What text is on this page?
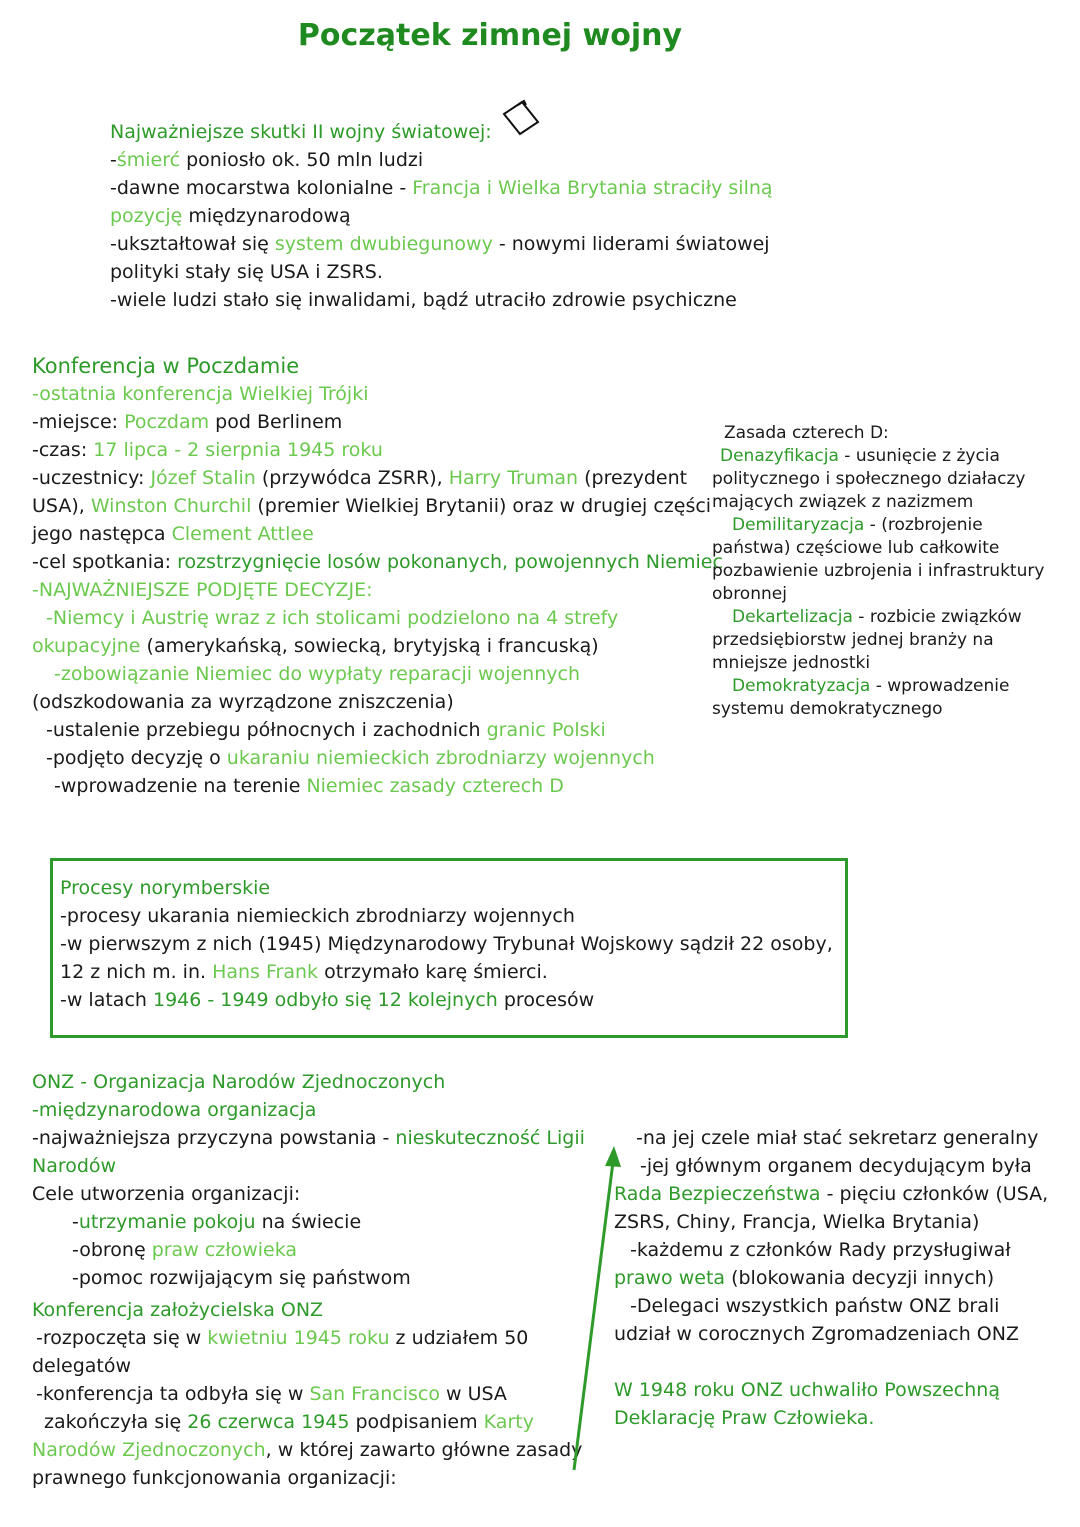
Początek zimnej wojny
Najważniejsze skutki II wojny światowej:
-śmierć poniosło ok. 50 mln ludzi
-dawne mocarstwa kolonialne - Francja i Wielka Brytania straciły silną
pozycję międzynarodową
-ukształtował się system dwubiegunowy - nowymi liderami światowej
polityki stały się USA i ZSRS.
-wiele ludzi stało się inwalidami, bądź utraciło zdrowie psychiczne
Konferencja w Poczdamie
-ostatnia konferencja Wielkiej Trójki
-miejsce: Poczdam pod Berlinem
-czas: 17 lipca - 2 sierpnia 1945 roku
-uczestnicy: Józef Stalin (przywódca ZSRR), Harry Truman (prezydent
USA), Winston Churchil (premier Wielkiej Brytanii) oraz w drugiej części
jego następca Clement Attlee
-cel spotkania: rozstrzygnięcie losów pokonanych, powojennych Niemiec
-NAJWAŻNIEJSZE PODJĘTE DECYZJE:
-Niemcy i Austrię wraz z ich stolicami podzielono na 4 strefy
okupacyjne (amerykańską, sowiecką, brytyjską i francuską)
-zobowiązanie Niemiec do wypłaty reparacji wojennych
(odszkodowania za wyrządzone zniszczenia)
-ustalenie przebiegu północnych i zachodnich granic Polski
-podjęto decyzję o ukaraniu niemieckich zbrodniarzy wojennych
-wprowadzenie na terenie Niemiec zasady czterech D
Zasada czterech D:
Denazyfikacja - usunięcie z życia
politycznego i społecznego działaczy
mających związek z nazizmem
Demilitaryzacja - (rozbrojenie
państwa) częściowe lub całkowite
pozbawienie uzbrojenia i infrastruktury
obronnej
Dekartelizacja - rozbicie związków
przedsiębiorstw jednej branży na
mniejsze jednostki
Demokratyzacja - wprowadzenie
systemu demokratycznego
Procesy norymberskie
-procesy ukarania niemieckich zbrodniarzy wojennych
-w pierwszym z nich (1945) Międzynarodowy Trybunał Wojskowy sądził 22 osoby,
12 z nich m. in. Hans Frank otrzymało karę śmierci.
-w latach 1946 - 1949 odbyło się 12 kolejnych procesów
ONZ - Organizacja Narodów Zjednoczonych
-międzynarodowa organizacja
-najważniejsza przyczyna powstania - nieskuteczność Ligii
Narodów
Cele utworzenia organizacji:
-utrzymanie pokoju na świecie
-obronę praw człowieka
-pomoc rozwijającym się państwom
Konferencja założycielska ONZ
-rozpoczęta się w kwietniu 1945 roku z udziałem 50
delegatów
-konferencja ta odbyła się w San Francisco w USA
zakończyła się 26 czerwca 1945 podpisaniem Karty
Narodów Zjednoczonych, w której zawarto główne zasady
prawnego funkcjonowania organizacji:
-na jej czele miał stać sekretarz generalny
-jej głównym organem decydującym była
Rada Bezpieczeństwa - pięciu członków (USA,
ZSRS, Chiny, Francja, Wielka Brytania)
-każdemu z członków Rady przysługiwał
prawo weta (blokowania decyzji innych)
-Delegaci wszystkich państw ONZ brali
udział w corocznych Zgromadzeniach ONZ
W 1948 roku ONZ uchwaliło Powszechną
Deklarację Praw Człowieka.
